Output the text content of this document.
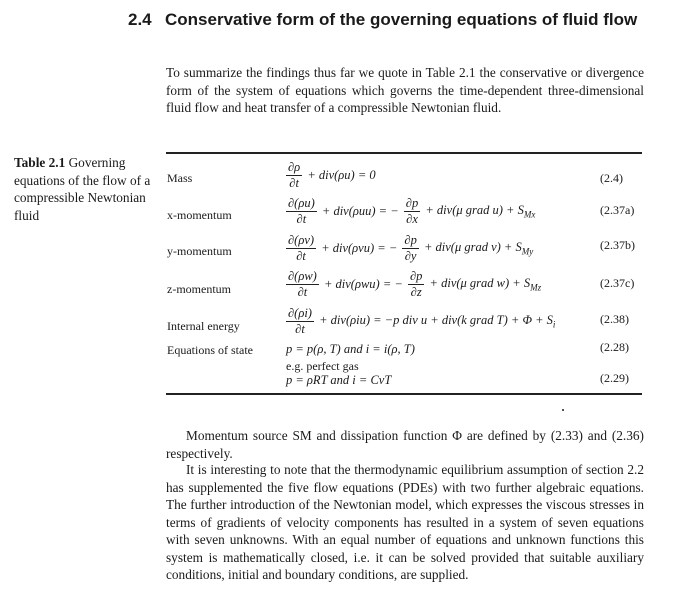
2.4 Conservative form of the governing equations of fluid flow
To summarize the findings thus far we quote in Table 2.1 the conservative or divergence form of the system of equations which governs the time-dependent three-dimensional fluid flow and heat transfer of a compressible Newtonian fluid.
Table 2.1 Governing equations of the flow of a compressible Newtonian fluid
Mass	$\frac{\partial\rho}{\partial t} + div(\rho u) = 0$	(2.4)
x-momentum	$\frac{\partial(\rho u)}{\partial t} + div(\rho uu)$ = − $\frac{\partial p}{\partial x} + div(\mu$ grad $u) + S_{Mx}$	(2.37a)
y-momentum	$\frac{\partial(\rho v)}{\partial t} + div(\rho vu)$ = − $\frac{\partial p}{\partial y} + div(\mu$ grad $v) + S_{My}$	(2.37b)
z-momentum	$\frac{\partial(\rho w)}{\partial t} + div(\rho wu)$ = − $\frac{\partial p}{\partial z} + div(\mu$ grad $w) + S_{Mz}$	(2.37c)
Internal energy	$\frac{\partial(\rho i)}{\partial t} + div(\rho iu) = -p$ div u + div(k grad $T) + \Phi + S_i$	(2.38)
Equations of state	p = p(ρ, T) and i = i(ρ, T)	(2.28)
e.g. perfect gas
p = ρRT and i = CvT	(2.29)
Momentum source SM and dissipation function Φ are defined by (2.33) and (2.36) respectively.
It is interesting to note that the thermodynamic equilibrium assumption of section 2.2 has supplemented the five flow equations (PDEs) with two further algebraic equations. The further introduction of the Newtonian model, which expresses the viscous stresses in terms of gradients of velocity components has resulted in a system of seven equations with seven unknowns. With an equal number of equations and unknown functions this system is mathematically closed, i.e. it can be solved provided that suitable auxiliary conditions, initial and boundary conditions, are supplied.
